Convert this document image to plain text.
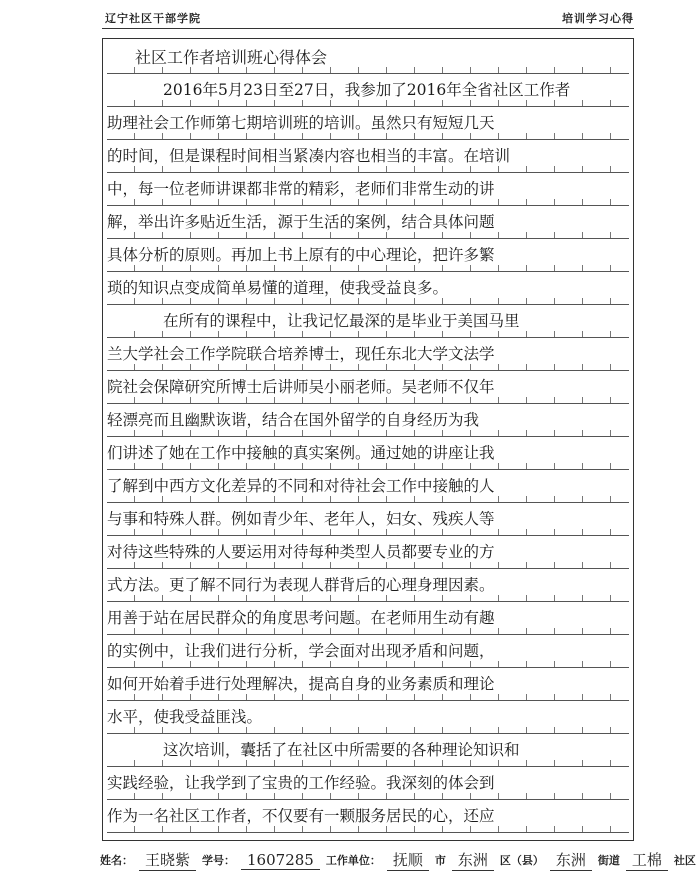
辽宁社区干部学院	培训学习心得
社区工作者培训班心得体会
2016年5月23日至27日，我参加了2016年全省社区工作者
助理社会工作师第七期培训班的培训。虽然只有短短几天
的时间，但是课程时间相当紧凑内容也相当的丰富。在培训
中，每一位老师讲课都非常的精彩，老师们非常生动的讲
解，举出许多贴近生活，源于生活的案例，结合具体问题
具体分析的原则。再加上书上原有的中心理论，把许多繁
琐的知识点变成简单易懂的道理，使我受益良多。
在所有的课程中，让我记忆最深的是毕业于美国马里
兰大学社会工作学院联合培养博士，现任东北大学文法学
院社会保障研究所博士后讲师吴小丽老师。吴老师不仅年
轻漂亮而且幽默诙谐，结合在国外留学的自身经历为我
们讲述了她在工作中接触的真实案例。通过她的讲座让我
了解到中西方文化差异的不同和对待社会工作中接触的人
与事和特殊人群。例如青少年、老年人，妇女、残疾人等
对待这些特殊的人要运用对待每种类型人员都要专业的方
式方法。更了解不同行为表现人群背后的心理身理因素。
用善于站在居民群众的角度思考问题。在老师用生动有趣
的实例中，让我们进行分析，学会面对出现矛盾和问题，
如何开始着手进行处理解决，提高自身的业务素质和理论
水平，使我受益匪浅。
这次培训，囊括了在社区中所需要的各种理论知识和
实践经验，让我学到了宝贵的工作经验。我深刻的体会到
作为一名社区工作者，不仅要有一颗服务居民的心，还应
姓名： 王晓紫	学号： 1607285	工作单位： 抚顺	市 东洲	区（县） 东洲	街道 工棉	社区
